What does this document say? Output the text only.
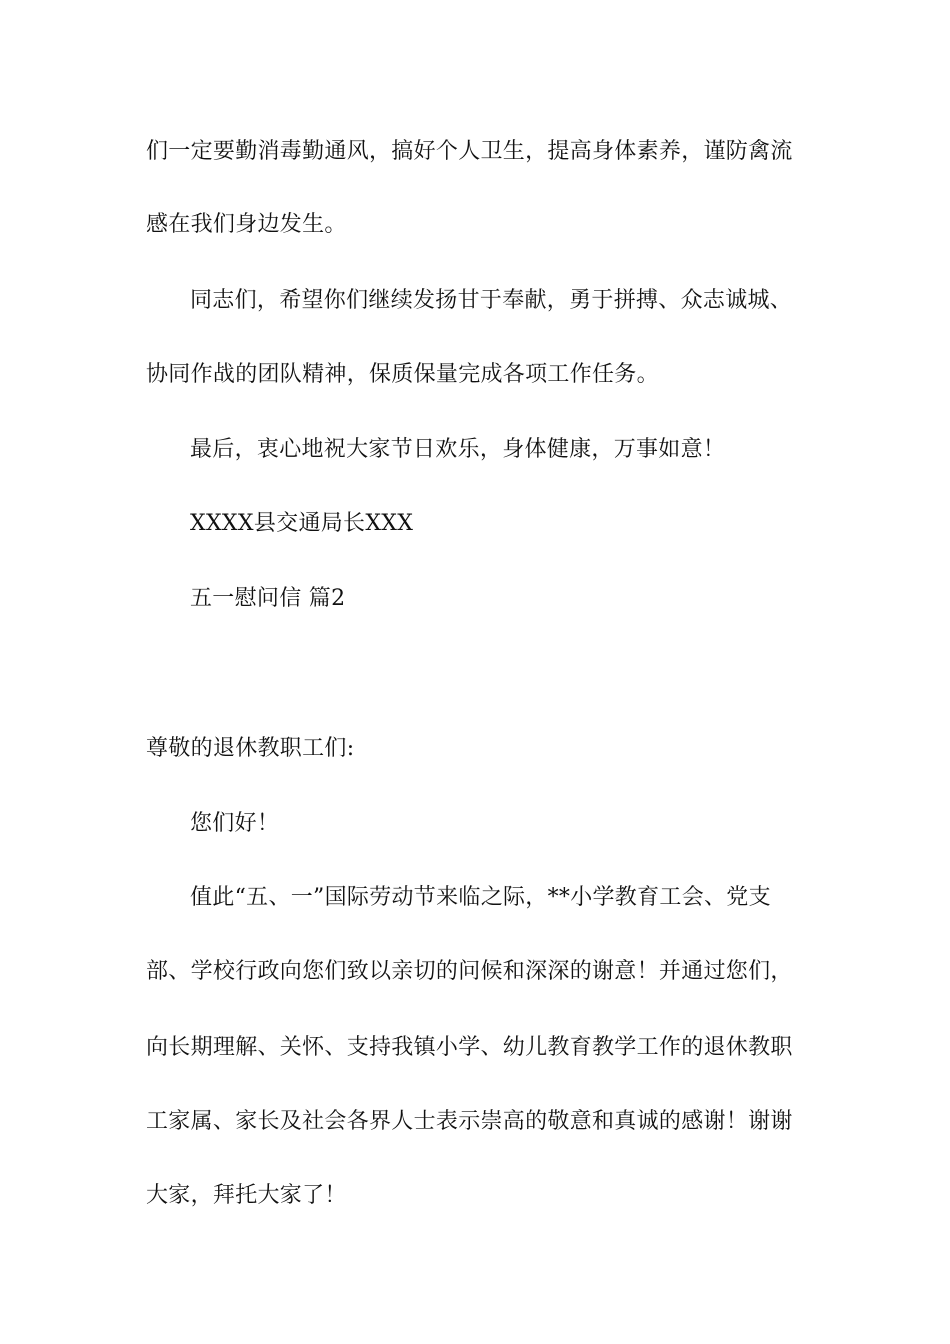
们一定要勤消毒勤通风，搞好个人卫生，提高身体素养，谨防禽流
感在我们身边发生。
同志们，希望你们继续发扬甘于奉献，勇于拼搏、众志诚城、
协同作战的团队精神，保质保量完成各项工作任务。
最后，衷心地祝大家节日欢乐，身体健康，万事如意！
XXXX县交通局长XXX
五一慰问信 篇2
尊敬的退休教职工们:
您们好！
值此“五、一”国际劳动节来临之际，**小学教育工会、党支
部、学校行政向您们致以亲切的问候和深深的谢意！并通过您们，
向长期理解、关怀、支持我镇小学、幼儿教育教学工作的退休教职
工家属、家长及社会各界人士表示崇高的敬意和真诚的感谢！谢谢
大家，拜托大家了！
